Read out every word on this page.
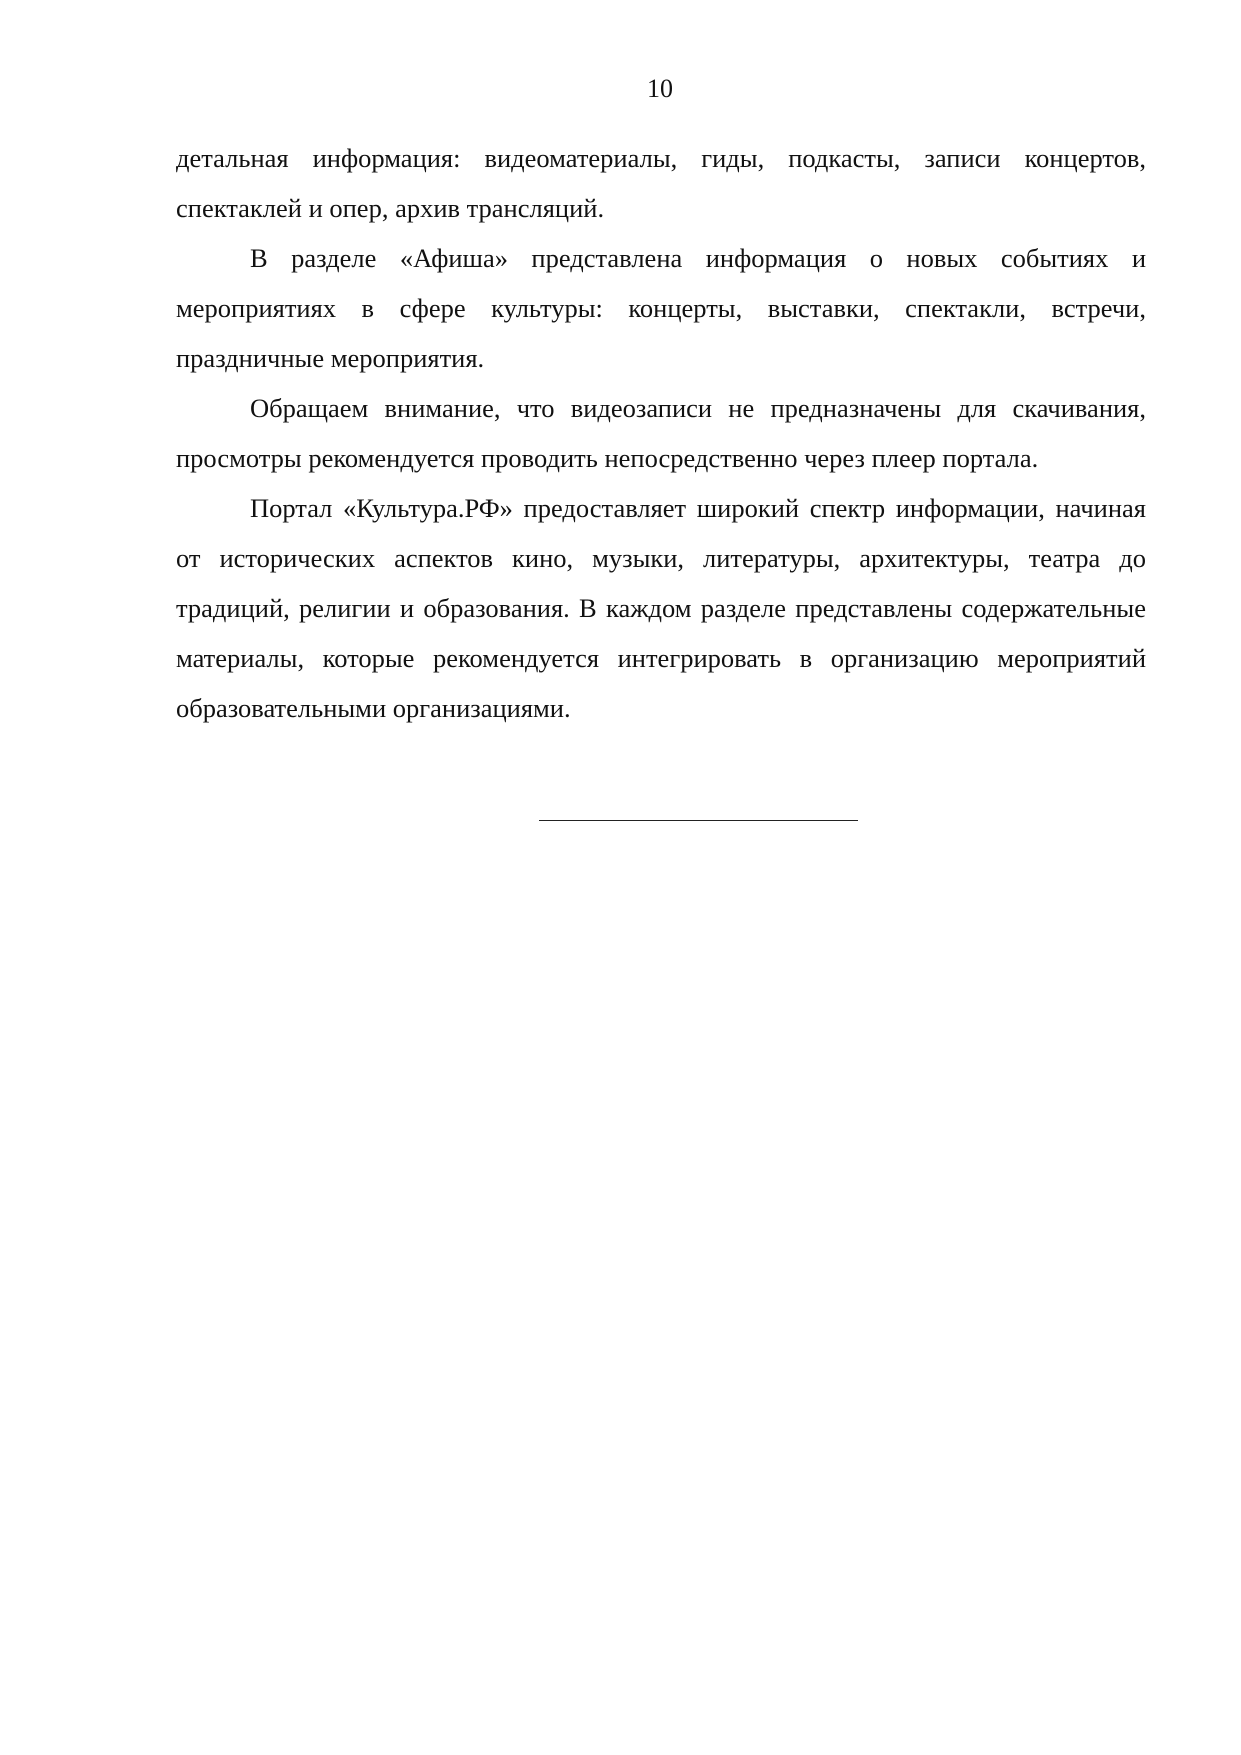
10

детальная информация: видеоматериалы, гиды, подкасты, записи концертов, спектаклей и опер, архив трансляций.

В разделе «Афиша» представлена информация о новых событиях и мероприятиях в сфере культуры: концерты, выставки, спектакли, встречи, праздничные мероприятия.

Обращаем внимание, что видеозаписи не предназначены для скачивания, просмотры рекомендуется проводить непосредственно через плеер портала.

Портал «Культура.РФ» предоставляет широкий спектр информации, начиная от исторических аспектов кино, музыки, литературы, архитектуры, театра до традиций, религии и образования. В каждом разделе представлены содержательные материалы, которые рекомендуется интегрировать в организацию мероприятий образовательными организациями.
